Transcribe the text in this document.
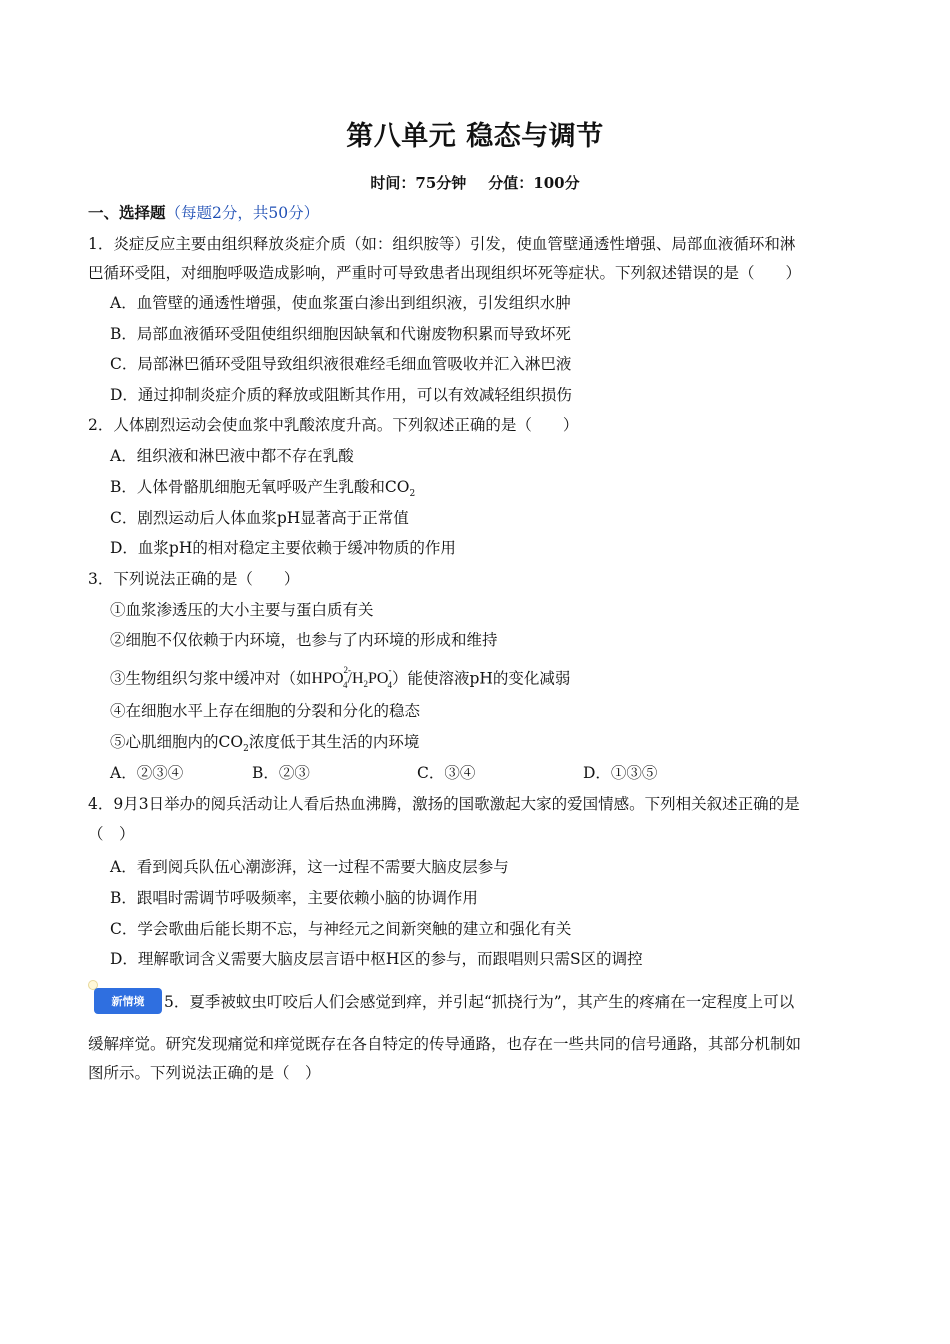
第八单元 稳态与调节
时间：75分钟 分值：100分
一、选择题（每题2分，共50分）
1．炎症反应主要由组织释放炎症介质（如：组织胺等）引发，使血管壁通透性增强、局部血液循环和淋
巴循环受阻，对细胞呼吸造成影响，严重时可导致患者出现组织坏死等症状。下列叙述错误的是（　　）
A．血管壁的通透性增强，使血浆蛋白渗出到组织液，引发组织水肿
B．局部血液循环受阻使组织细胞因缺氧和代谢废物积累而导致坏死
C．局部淋巴循环受阻导致组织液很难经毛细血管吸收并汇入淋巴液
D．通过抑制炎症介质的释放或阻断其作用，可以有效减轻组织损伤
2．人体剧烈运动会使血浆中乳酸浓度升高。下列叙述正确的是（　　）
A．组织液和淋巴液中都不存在乳酸
B．人体骨骼肌细胞无氧呼吸产生乳酸和$CO_2$
C．剧烈运动后人体血浆pH显著高于正常值
D．血浆pH的相对稳定主要依赖于缓冲物质的作用
3．下列说法正确的是（　　）
①血浆渗透压的大小主要与蛋白质有关
②细胞不仅依赖于内环境，也参与了内环境的形成和维持
③生物组织匀浆中缓冲对（如$HPO^{2-}_4/H_2PO^-_4$）能使溶液pH的变化减弱
④在细胞水平上存在细胞的分裂和分化的稳态
⑤心肌细胞内的$CO_2$浓度低于其生活的内环境
A．②③④	B．②③	C．③④	D．①③⑤
4．9月3日举办的阅兵活动让人看后热血沸腾，激扬的国歌激起大家的爱国情感。下列相关叙述正确的是
（　）
A．看到阅兵队伍心潮澎湃，这一过程不需要大脑皮层参与
B．跟唱时需调节呼吸频率，主要依赖小脑的协调作用
C．学会歌曲后能长期不忘，与神经元之间新突触的建立和强化有关
D．理解歌词含义需要大脑皮层言语中枢H区的参与，而跟唱则只需S区的调控
新情境	5．夏季被蚊虫叮咬后人们会感觉到痒，并引起“抓挠行为”，其产生的疼痛在一定程度上可以
缓解痒觉。研究发现痛觉和痒觉既存在各自特定的传导通路，也存在一些共同的信号通路，其部分机制如
图所示。下列说法正确的是（　）
